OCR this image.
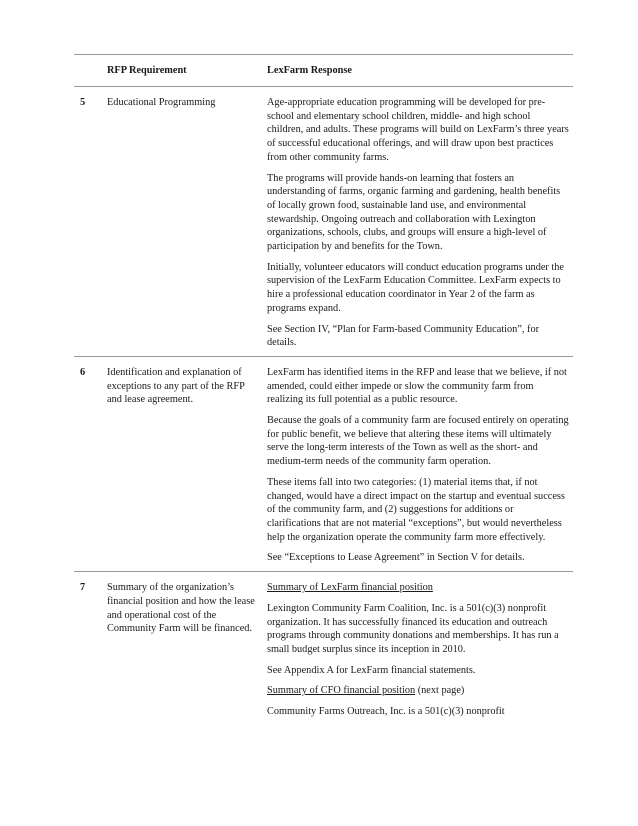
	RFP Requirement	LexFarm Response
5	Educational Programming	Age-appropriate education programming will be developed for pre-school and elementary school children, middle- and high school children, and adults. These programs will build on LexFarm’s three years of successful educational offerings, and will draw upon best practices from other community farms.

The programs will provide hands-on learning that fosters an understanding of farms, organic farming and gardening, health benefits of locally grown food, sustainable land use, and environmental stewardship. Ongoing outreach and collaboration with Lexington organizations, schools, clubs, and groups will ensure a high-level of participation by and benefits for the Town.

Initially, volunteer educators will conduct education programs under the supervision of the LexFarm Education Committee. LexFarm expects to hire a professional education coordinator in Year 2 of the farm as programs expand.

See Section IV, “Plan for Farm-based Community Education”, for details.

6	Identification and explanation of exceptions to any part of the RFP and lease agreement.	LexFarm has identified items in the RFP and lease that we believe, if not amended, could either impede or slow the community farm from realizing its full potential as a public resource.

Because the goals of a community farm are focused entirely on operating for public benefit, we believe that altering these items will ultimately serve the long-term interests of the Town as well as the short- and medium-term needs of the community farm operation.

These items fall into two categories: (1) material items that, if not changed, would have a direct impact on the startup and eventual success of the community farm, and (2) suggestions for additions or clarifications that are not material “exceptions”, but would nevertheless help the organization operate the community farm more effectively.

See “Exceptions to Lease Agreement” in Section V for details.

7	Summary of the organization’s financial position and how the lease and operational cost of the Community Farm will be financed.	Summary of LexFarm financial position

Lexington Community Farm Coalition, Inc. is a 501(c)(3) nonprofit organization. It has successfully financed its education and outreach programs through community donations and memberships. It has run a small budget surplus since its inception in 2010.

See Appendix A for LexFarm financial statements.

Summary of CFO financial position (next page)

Community Farms Outreach, Inc. is a 501(c)(3) nonprofit
